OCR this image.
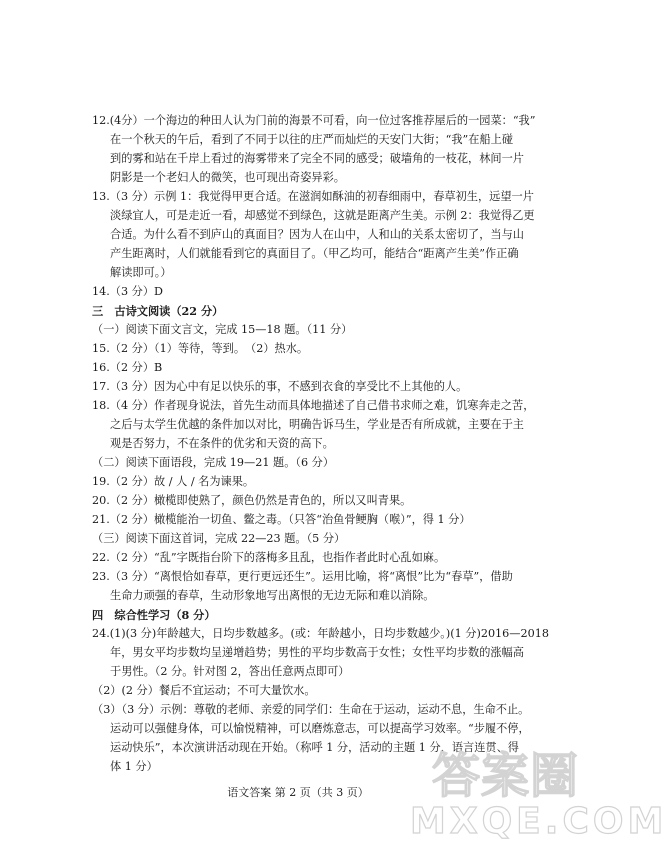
12.(4分）一个海边的种田人认为门前的海景不可看，向一位过客推荐屋后的一园菜：“我”
在一个秋天的午后，看到了不同于以往的庄严而灿烂的天安门大街；“我”在船上碰
到的雾和站在千岸上看过的海雾带来了完全不同的感受；破墙角的一枝花，林间一片
阴影是一个老妇人的微笑，也可现出奇姿异彩。
13.（3 分）示例 1：我觉得甲更合适。在滋润如酥油的初春细雨中，春草初生，远望一片
淡绿宜人，可是走近一看，却感觉不到绿色，这就是距离产生美。示例 2：我觉得乙更
合适。为什么看不到庐山的真面目？因为人在山中，人和山的关系太密切了，当与山
产生距离时，人们就能看到它的真面目了。（甲乙均可，能结合“距离产生美”作正确
解读即可。）
14.（3 分）D
三　古诗文阅读（22 分）
（一）阅读下面文言文，完成 15—18 题。（11 分）
15.（2 分）（1）等待，等到。　（2）热水。
16.（2 分）B
17.（3 分）因为心中有足以快乐的事，不感到衣食的享受比不上其他的人。
18.（4 分）作者现身说法，首先生动而具体地描述了自己借书求师之难，饥寒奔走之苦，
之后与太学生优越的条件加以对比，明确告诉马生，学业是否有所成就，主要在于主
观是否努力，不在条件的优劣和天资的高下。
（二）阅读下面语段，完成 19—21 题。（6 分）
19.（2 分）故 / 人 / 名为谏果。
20.（2 分）橄榄即使熟了，颜色仍然是青色的，所以又叫青果。
21.（2 分）橄榄能治一切鱼、鳖之毒。（只答“治鱼骨鲠胸（喉）”，得 1 分）
（三）阅读下面这首词，完成 22—23 题。（5 分）
22.（2 分）“乱”字既指台阶下的落梅多且乱，也指作者此时心乱如麻。
23.（3 分）“离恨恰如春草，更行更远还生”。运用比喻，将“离恨”比为“春草”，借助
生命力顽强的春草，生动形象地写出离恨的无边无际和难以消除。
四　综合性学习（8 分）
24.(1)(3 分)年龄越大，日均步数越多。(或：年龄越小，日均步数越少。)(1 分)2016—2018
年，男女平均步数均呈递增趋势；男性的平均步数高于女性；女性平均步数的涨幅高
于男性。（2 分。针对图 2，答出任意两点即可）
（2）(2 分）餐后不宜运动；不可大量饮水。
（3）（3 分）示例：尊敬的老师、亲爱的同学们：生命在于运动，运动不息，生命不止。
运动可以强健身体，可以愉悦精神，可以磨炼意志，可以提高学习效率。“步履不停，
运动快乐”，本次演讲活动现在开始。（称呼 1 分，活动的主题 1 分，语言连贯、得
体 1 分）
语文答案 第 2 页（共 3 页）	答案圈
MXQE.COM
